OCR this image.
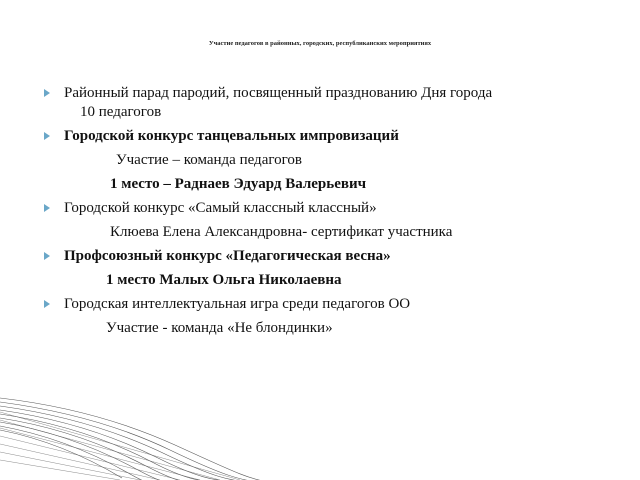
Участие педагогов в районных, городских, республиканских мероприятиях
Районный парад пародий, посвященный празднованию Дня города
10 педагогов
Городской конкурс танцевальных импровизаций
Участие – команда педагогов
1 место – Раднаев Эдуард Валерьевич
Городской конкурс «Самый классный классный»
Клюева Елена Александровна- сертификат участника
Профсоюзный конкурс «Педагогическая весна»
1 место Малых Ольга Николаевна
Городская интеллектуальная игра среди педагогов ОО
Участие - команда «Не блондинки»
